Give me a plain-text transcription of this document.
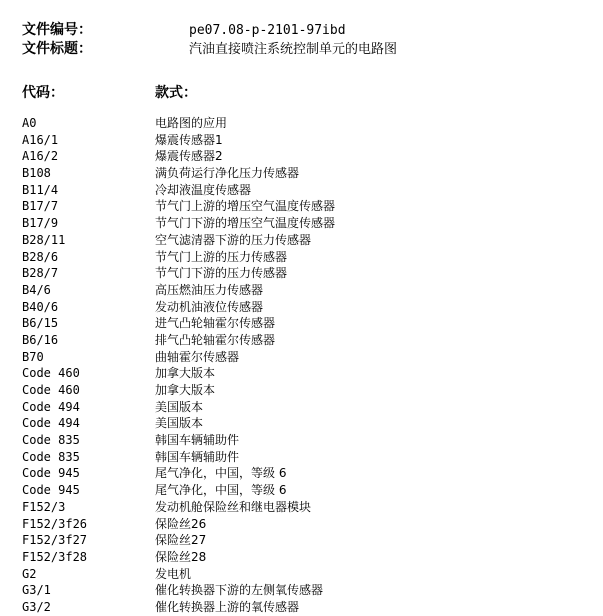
文件编号：	pe07.08-p-2101-97ibd
文件标题：	汽油直接喷注系统控制单元的电路图
代码：	款式：
A0	电路图的应用
A16/1	爆震传感器1
A16/2	爆震传感器2
B108	满负荷运行净化压力传感器
B11/4	冷却液温度传感器
B17/7	节气门上游的增压空气温度传感器
B17/9	节气门下游的增压空气温度传感器
B28/11	空气滤清器下游的压力传感器
B28/6	节气门上游的压力传感器
B28/7	节气门下游的压力传感器
B4/6	高压燃油压力传感器
B40/6	发动机油液位传感器
B6/15	进气凸轮轴霍尔传感器
B6/16	排气凸轮轴霍尔传感器
B70	曲轴霍尔传感器
Code 460	加拿大版本
Code 460	加拿大版本
Code 494	美国版本
Code 494	美国版本
Code 835	韩国车辆辅助件
Code 835	韩国车辆辅助件
Code 945	尾气净化，中国，等级 6
Code 945	尾气净化，中国，等级 6
F152/3	发动机舱保险丝和继电器模块
F152/3f26	保险丝26
F152/3f27	保险丝27
F152/3f28	保险丝28
G2	发电机
G3/1	催化转换器下游的左侧氧传感器
G3/2	催化转换器上游的氧传感器
